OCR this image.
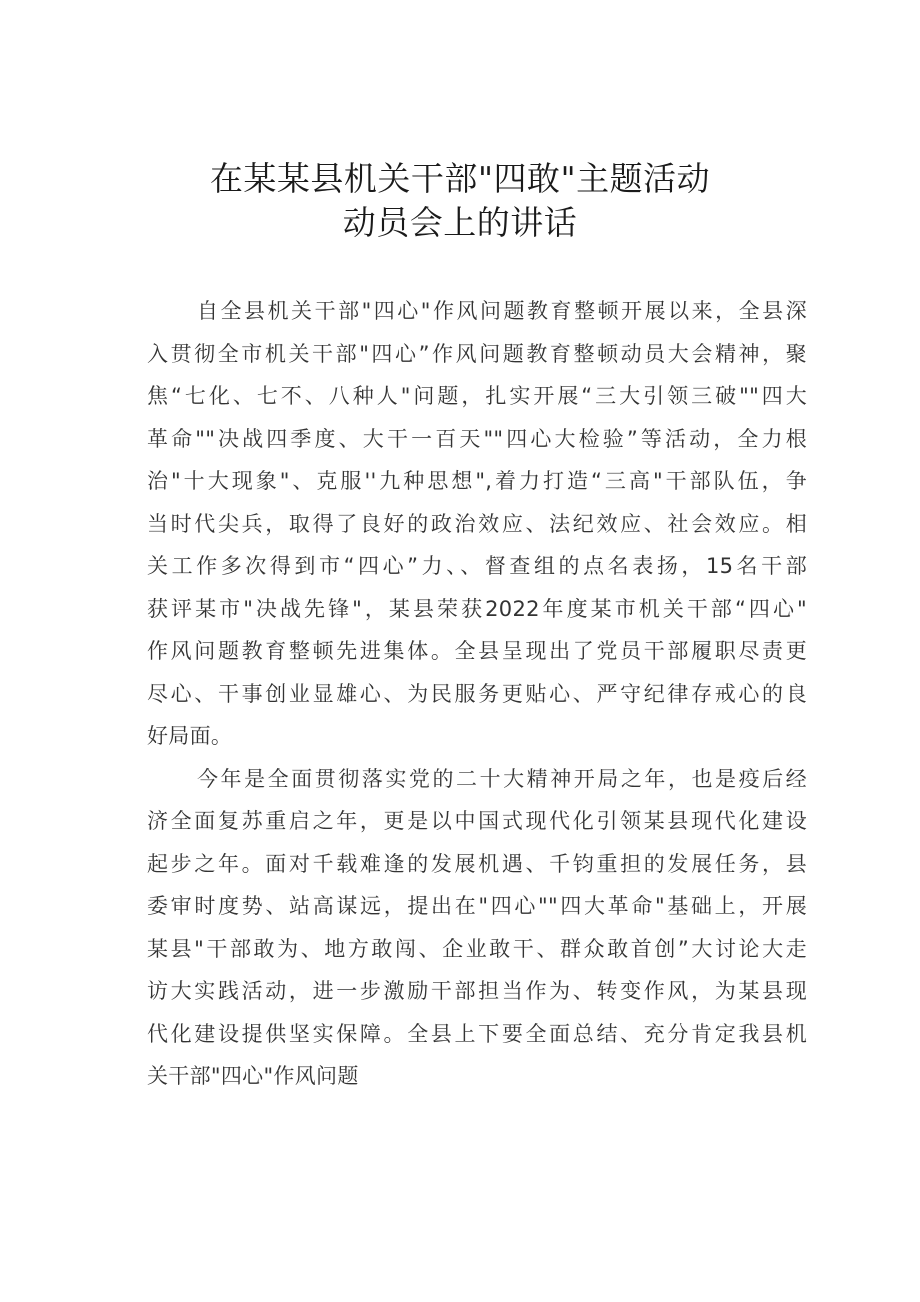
在某某县机关干部"四敢"主题活动
动员会上的讲话
自全县机关干部"四心"作风问题教育整顿开展以来，全县深
入贯彻全市机关干部"四心”作风问题教育整顿动员大会精神，聚
焦“七化、七不、八种人"问题，扎实开展“三大引领三破""四大
革命""决战四季度、大干一百天""四心大检验”等活动，全力根
治"十大现象"、克服''九种思想",着力打造“三高"干部队伍，争
当时代尖兵，取得了良好的政治效应、法纪效应、社会效应。相
关工作多次得到市“四心”力、、督查组的点名表扬，15名干部
获评某市"决战先锋"，某县荣获2022年度某市机关干部“四心"
作风问题教育整顿先进集体。全县呈现出了党员干部履职尽责更
尽心、干事创业显雄心、为民服务更贴心、严守纪律存戒心的良
好局面。
今年是全面贯彻落实党的二十大精神开局之年，也是疫后经
济全面复苏重启之年，更是以中国式现代化引领某县现代化建设
起步之年。面对千载难逢的发展机遇、千钧重担的发展任务，县
委审时度势、站高谋远，提出在"四心""四大革命"基础上，开展
某县"干部敢为、地方敢闯、企业敢干、群众敢首创”大讨论大走
访大实践活动，进一步激励干部担当作为、转变作风，为某县现
代化建设提供坚实保障。全县上下要全面总结、充分肯定我县机
关干部"四心"作风问题
